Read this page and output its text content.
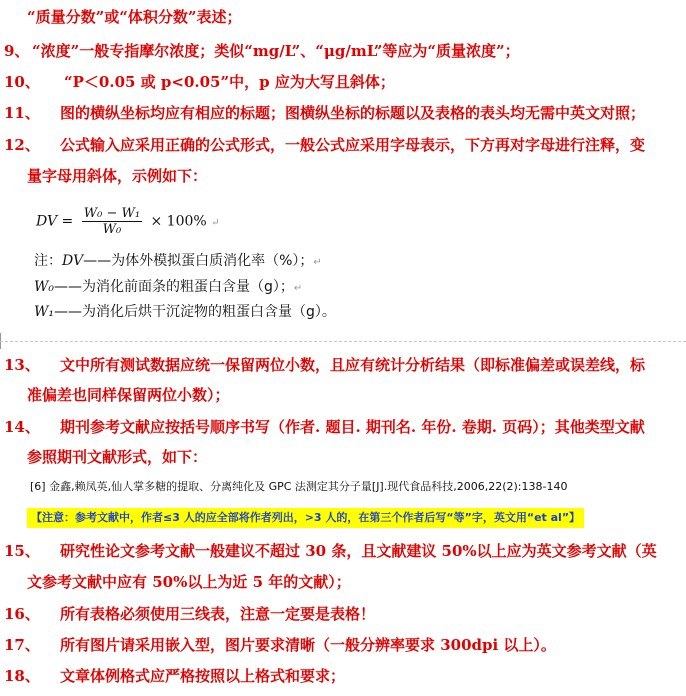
“质量分数”或“体积分数”表述；
9、 “浓度”一般专指摩尔浓度；类似“mg/L”、“μg/mL”等应为“质量浓度”；
10、 “P＜0.05 或 p<0.05”中，p 应为大写且斜体；
11、 图的横纵坐标均应有相应的标题；图横纵坐标的标题以及表格的表头均无需中英文对照；
12、 公式输入应采用正确的公式形式，一般公式应采用字母表示，下方再对字母进行注释，变
量字母用斜体，示例如下：
DV = $\frac{\text{W₀ − W₁}}{\text{W₀}} \times 100\%$ ↵
注：DV——为体外模拟蛋白质消化率（%）；↵
W₀——为消化前面条的粗蛋白含量（g）；↵
W₁——为消化后烘干沉淀物的粗蛋白含量（g）。
13、 文中所有测试数据应统一保留两位小数，且应有统计分析结果（即标准偏差或误差线，标
准偏差也同样保留两位小数）；
14、 期刊参考文献应按括号顺序书写（作者. 题目. 期刊名. 年份. 卷期. 页码）；其他类型文献
参照期刊文献形式，如下：
[6] 金鑫,赖凤英,仙人掌多糖的提取、分离纯化及 GPC 法测定其分子量[J].现代食品科技,2006,22(2):138-140
【注意：参考文献中，作者≤3 人的应全部将作者列出，>3 人的，在第三个作者后写“等”字，英文用“et al”】
15、 研究性论文参考文献一般建议不超过 30 条，且文献建议 50%以上应为英文参考文献（英
文参考文献中应有 50%以上为近 5 年的文献）；
16、 所有表格必须使用三线表，注意一定要是表格！
17、 所有图片请采用嵌入型，图片要求清晰（一般分辨率要求 300dpi 以上）。
18、 文章体例格式应严格按照以上格式和要求；
